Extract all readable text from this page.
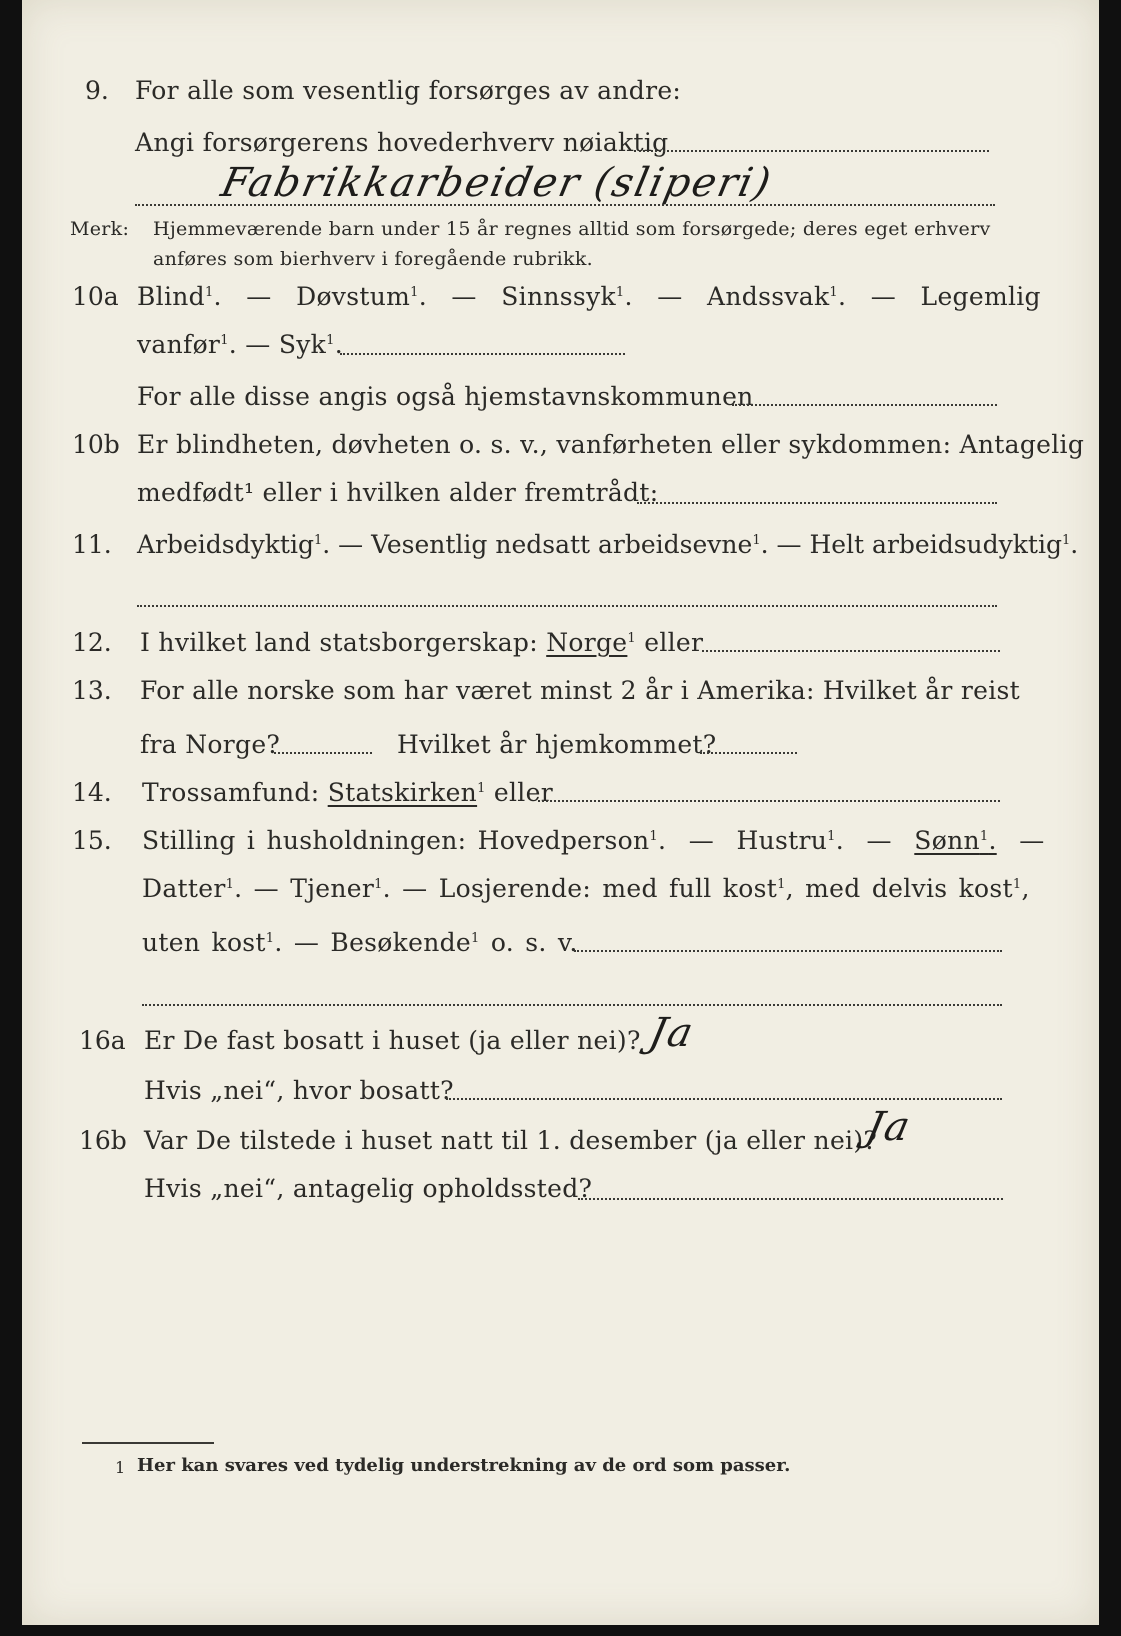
9. For alle som vesentlig forsørges av andre:
Angi forsørgerens hovederhverv nøiaktig
Fabrikkarbeider (sliperi)
Merk: Hjemmeværende barn under 15 år regnes alltid som forsørgede; deres eget erhverv
anføres som bierhverv i foregående rubrikk.
10a Blind$^1$.  —  Døvstum$^1$.  —  Sinnssyk$^1$.  —  Andssvak$^1$.  —  Legemlig
vanfør$^1$. — Syk$^1$.
For alle disse angis også hjemstavnskommunen
10b Er blindheten, døvheten o. s. v., vanførheten eller sykdommen: Antagelig
medfødt¹ eller i hvilken alder fremtrådt:
11. Arbeidsdyktig$^1$. — Vesentlig nedsatt arbeidsevne$^1$. — Helt arbeidsudyktig$^1$.
12. I hvilket land statsborgerskap: Norge$^1$ eller
13. For alle norske som har været minst 2 år i Amerika: Hvilket år reist
fra Norge?	Hvilket år hjemkommet?
14. Trossamfund: Statskirken$^1$ eller
15. Stilling i husholdningen: Hovedperson$^1$.  —  Hustru$^1$.  —  Sønn$^1$.  —
Datter$^1$. — Tjener$^1$. — Losjerende: med full kost$^1$, med delvis kost$^1$,
uten kost$^1$. — Besøkende$^1$ o. s. v.
16a Er De fast bosatt i huset (ja eller nei)? Ja
Hvis „nei“, hvor bosatt?
16b Var De tilstede i huset natt til 1. desember (ja eller nei)?
Ja
Hvis „nei“, antagelig opholdssted?
1 Her kan svares ved tydelig understrekning av de ord som passer.
